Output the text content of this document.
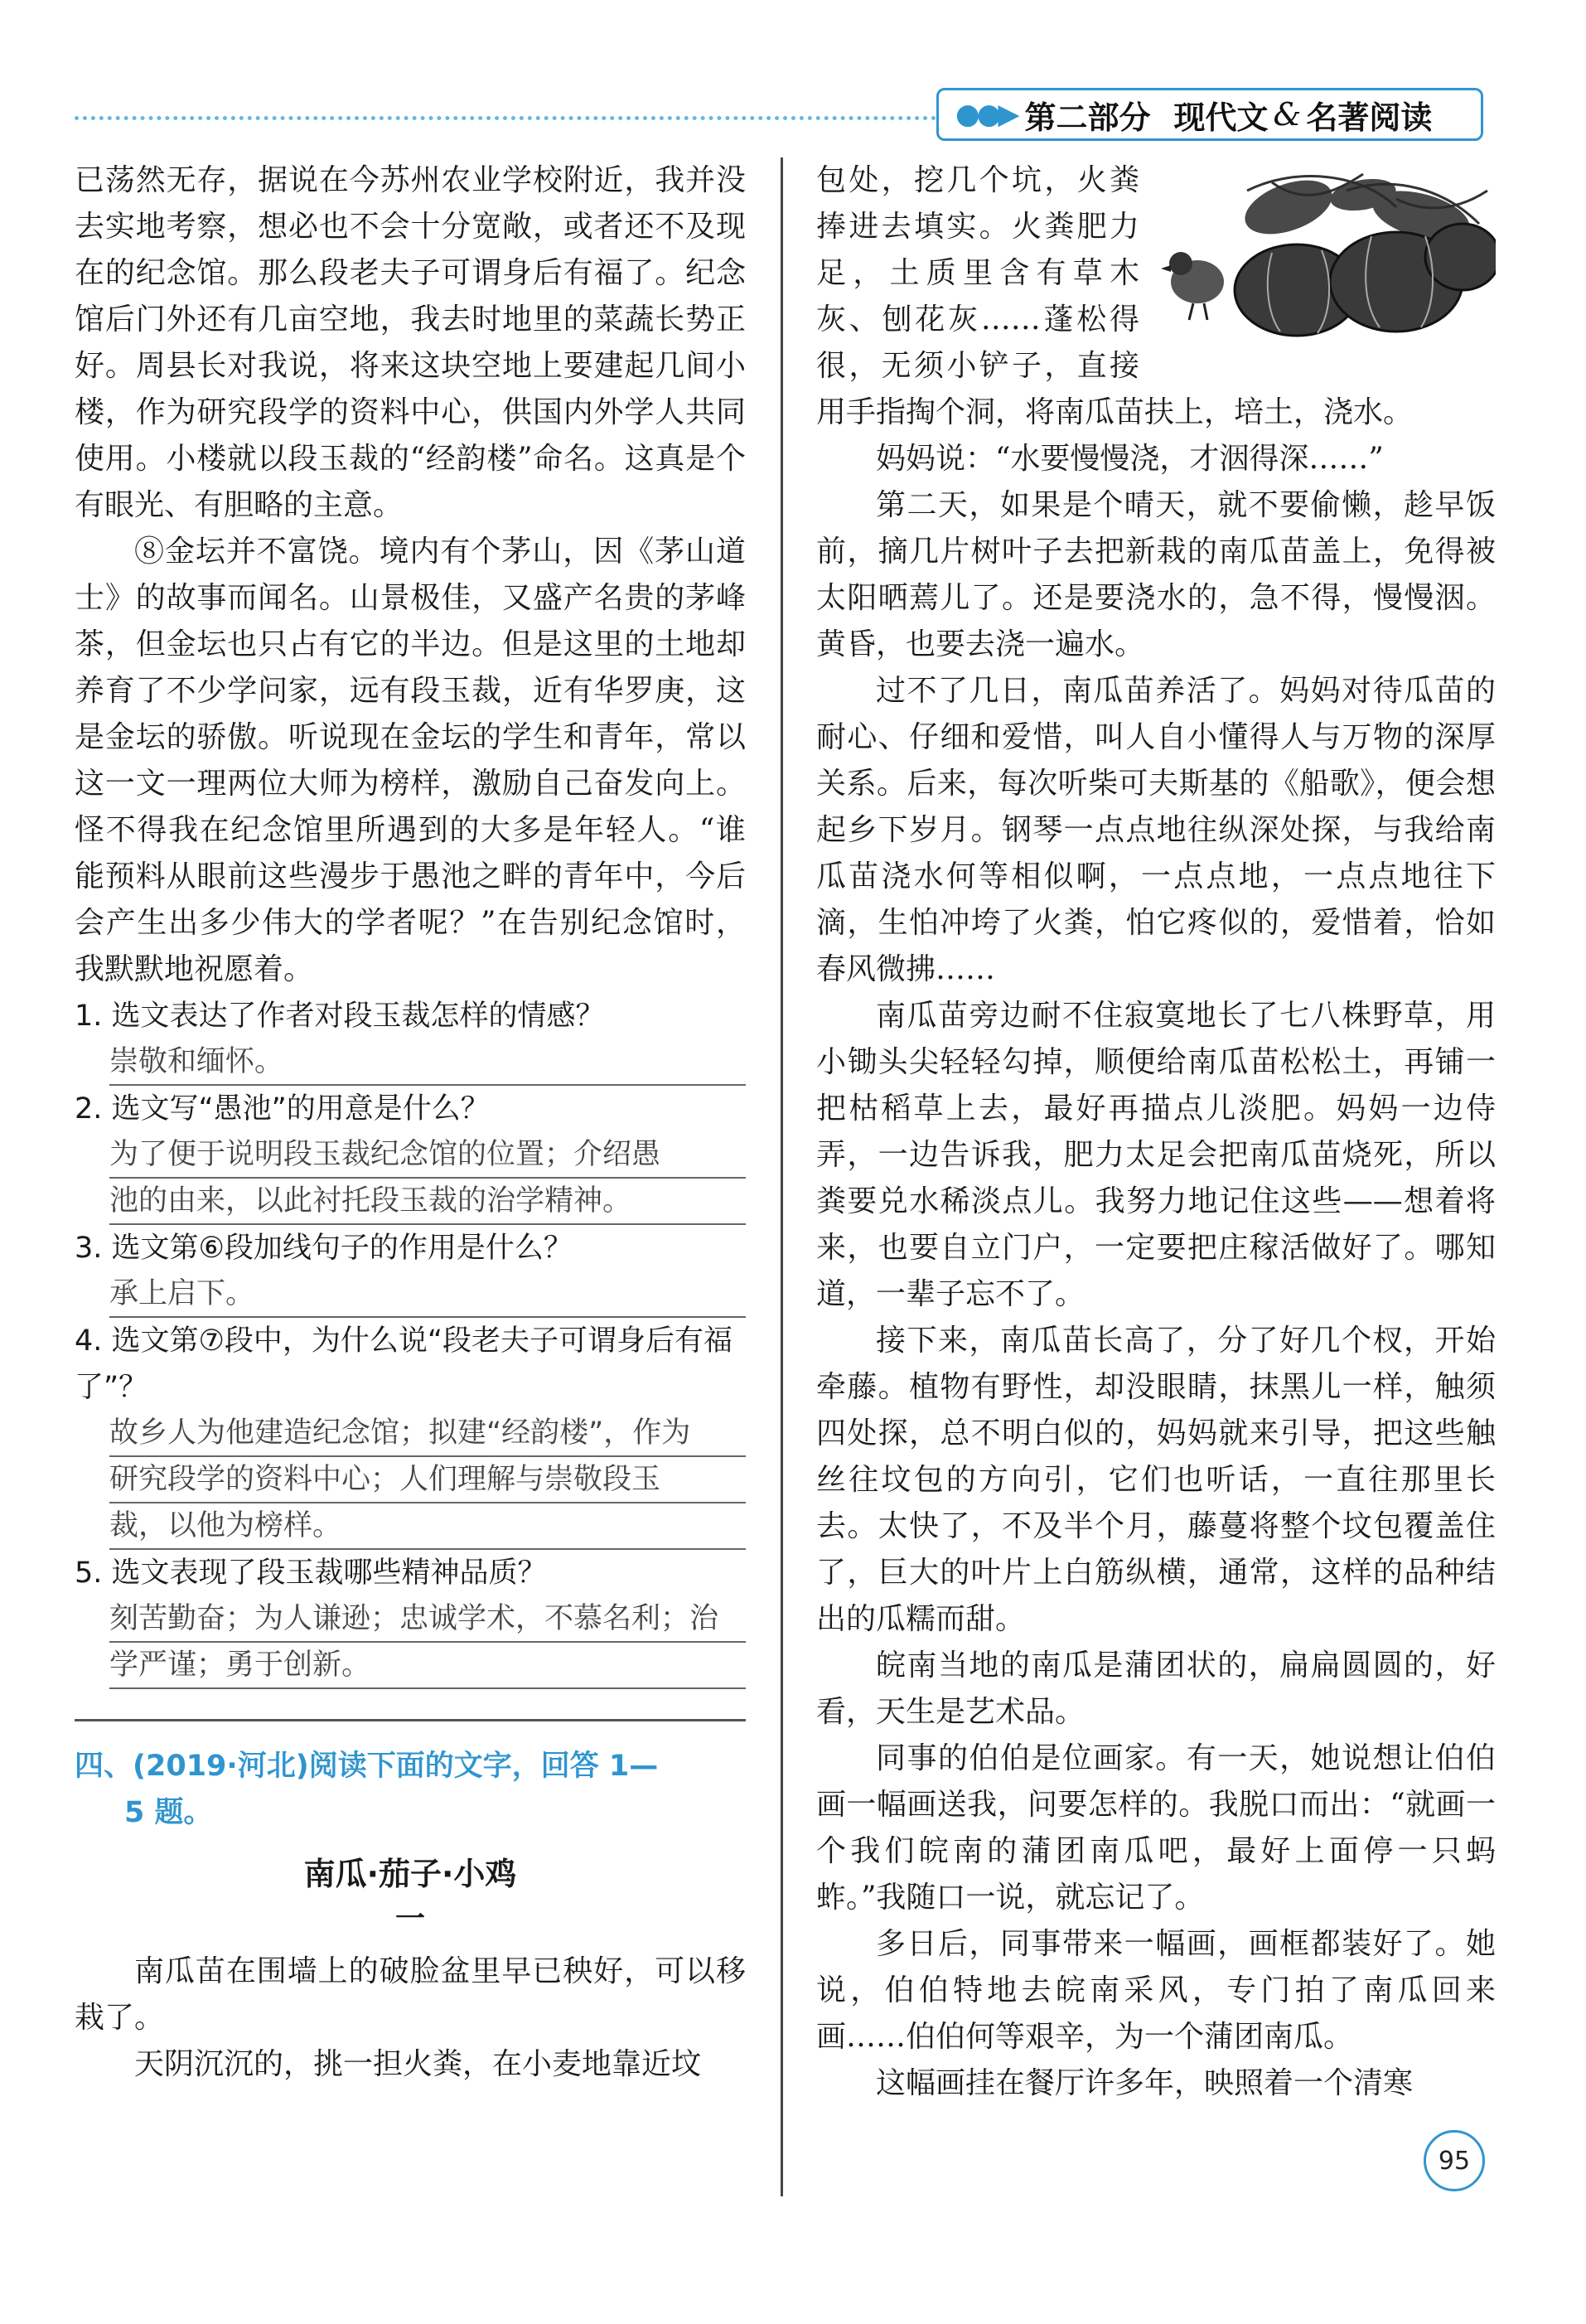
●●▶ 第二部分 现代文 & 名著阅读

已荡然无存，据说在今苏州农业学校附近，我并没去实地考察，想必也不会十分宽敞，或者还不及现在的纪念馆。那么段老夫子可谓身后有福了。纪念馆后门外还有几亩空地，我去时地里的菜蔬长势正好。周县长对我说，将来这块空地上要建起几间小楼，作为研究段学的资料中心，供国内外学人共同使用。小楼就以段玉裁的“经韵楼”命名。这真是个有眼光、有胆略的主意。

⑧金坛并不富饶。境内有个茅山，因《茅山道士》的故事而闻名。山景极佳，又盛产名贵的茅峰茶，但金坛也只占有它的半边。但是这里的土地却养育了不少学问家，远有段玉裁，近有华罗庚，这是金坛的骄傲。听说现在金坛的学生和青年，常以这一文一理两位大师为榜样，激励自己奋发向上。怪不得我在纪念馆里所遇到的大多是年轻人。“谁能预料从眼前这些漫步于愚池之畔的青年中，今后会产生出多少伟大的学者呢？”在告别纪念馆时，我默默地祝愿着。

1. 选文表达了作者对段玉裁怎样的情感？

崇敬和缅怀。

2. 选文写“愚池”的用意是什么？

为了便于说明段玉裁纪念馆的位置；介绍愚
池的由来，以此衬托段玉裁的治学精神。

3. 选文第⑥段加线句子的作用是什么？

承上启下。

4. 选文第⑦段中，为什么说“段老夫子可谓身后有福了”？

故乡人为他建造纪念馆；拟建“经韵楼”，作为
研究段学的资料中心；人们理解与崇敬段玉
裁，以他为榜样。

5. 选文表现了段玉裁哪些精神品质？

刻苦勤奋；为人谦逊；忠诚学术，不慕名利；治
学严谨；勇于创新。

四、(2019·河北)阅读下面的文字，回答 1—
5 题。

南瓜·茄子·小鸡

一

南瓜苗在围墙上的破脸盆里早已秧好，可以移栽了。

天阴沉沉的，挑一担火粪，在小麦地靠近坟

包处，挖几个坑，火粪捧进去填实。火粪肥力足，土质里含有草木灰、刨花灰……蓬松得很，无须小铲子，直接用手指掏个洞，将南瓜苗扶上，培土，浇水。

妈妈说：“水要慢慢浇，才洇得深……”

第二天，如果是个晴天，就不要偷懒，趁早饭前，摘几片树叶子去把新栽的南瓜苗盖上，免得被太阳晒蔫儿了。还是要浇水的，急不得，慢慢洇。黄昏，也要去浇一遍水。

过不了几日，南瓜苗养活了。妈妈对待瓜苗的耐心、仔细和爱惜，叫人自小懂得人与万物的深厚关系。后来，每次听柴可夫斯基的《船歌》，便会想起乡下岁月。钢琴一点点地往纵深处探，与我给南瓜苗浇水何等相似啊，一点点地，一点点地往下滴，生怕冲垮了火粪，怕它疼似的，爱惜着，恰如春风微拂……

南瓜苗旁边耐不住寂寞地长了七八株野草，用小锄头尖轻轻勾掉，顺便给南瓜苗松松土，再铺一把枯稻草上去，最好再描点儿淡肥。妈妈一边侍弄，一边告诉我，肥力太足会把南瓜苗烧死，所以粪要兑水稀淡点儿。我努力地记住这些——想着将来，也要自立门户，一定要把庄稼活做好了。哪知道，一辈子忘不了。

接下来，南瓜苗长高了，分了好几个杈，开始牵藤。植物有野性，却没眼睛，抹黑儿一样，触须四处探，总不明白似的，妈妈就来引导，把这些触丝往坟包的方向引，它们也听话，一直往那里长去。太快了，不及半个月，藤蔓将整个坟包覆盖住了，巨大的叶片上白筋纵横，通常，这样的品种结出的瓜糯而甜。

皖南当地的南瓜是蒲团状的，扁扁圆圆的，好看，天生是艺术品。

同事的伯伯是位画家。有一天，她说想让伯伯画一幅画送我，问要怎样的。我脱口而出：“就画一个我们皖南的蒲团南瓜吧，最好上面停一只蚂蚱。”我随口一说，就忘记了。

多日后，同事带来一幅画，画框都装好了。她说，伯伯特地去皖南采风，专门拍了南瓜回来画……伯伯何等艰辛，为一个蒲团南瓜。

这幅画挂在餐厅许多年，映照着一个清寒

95
